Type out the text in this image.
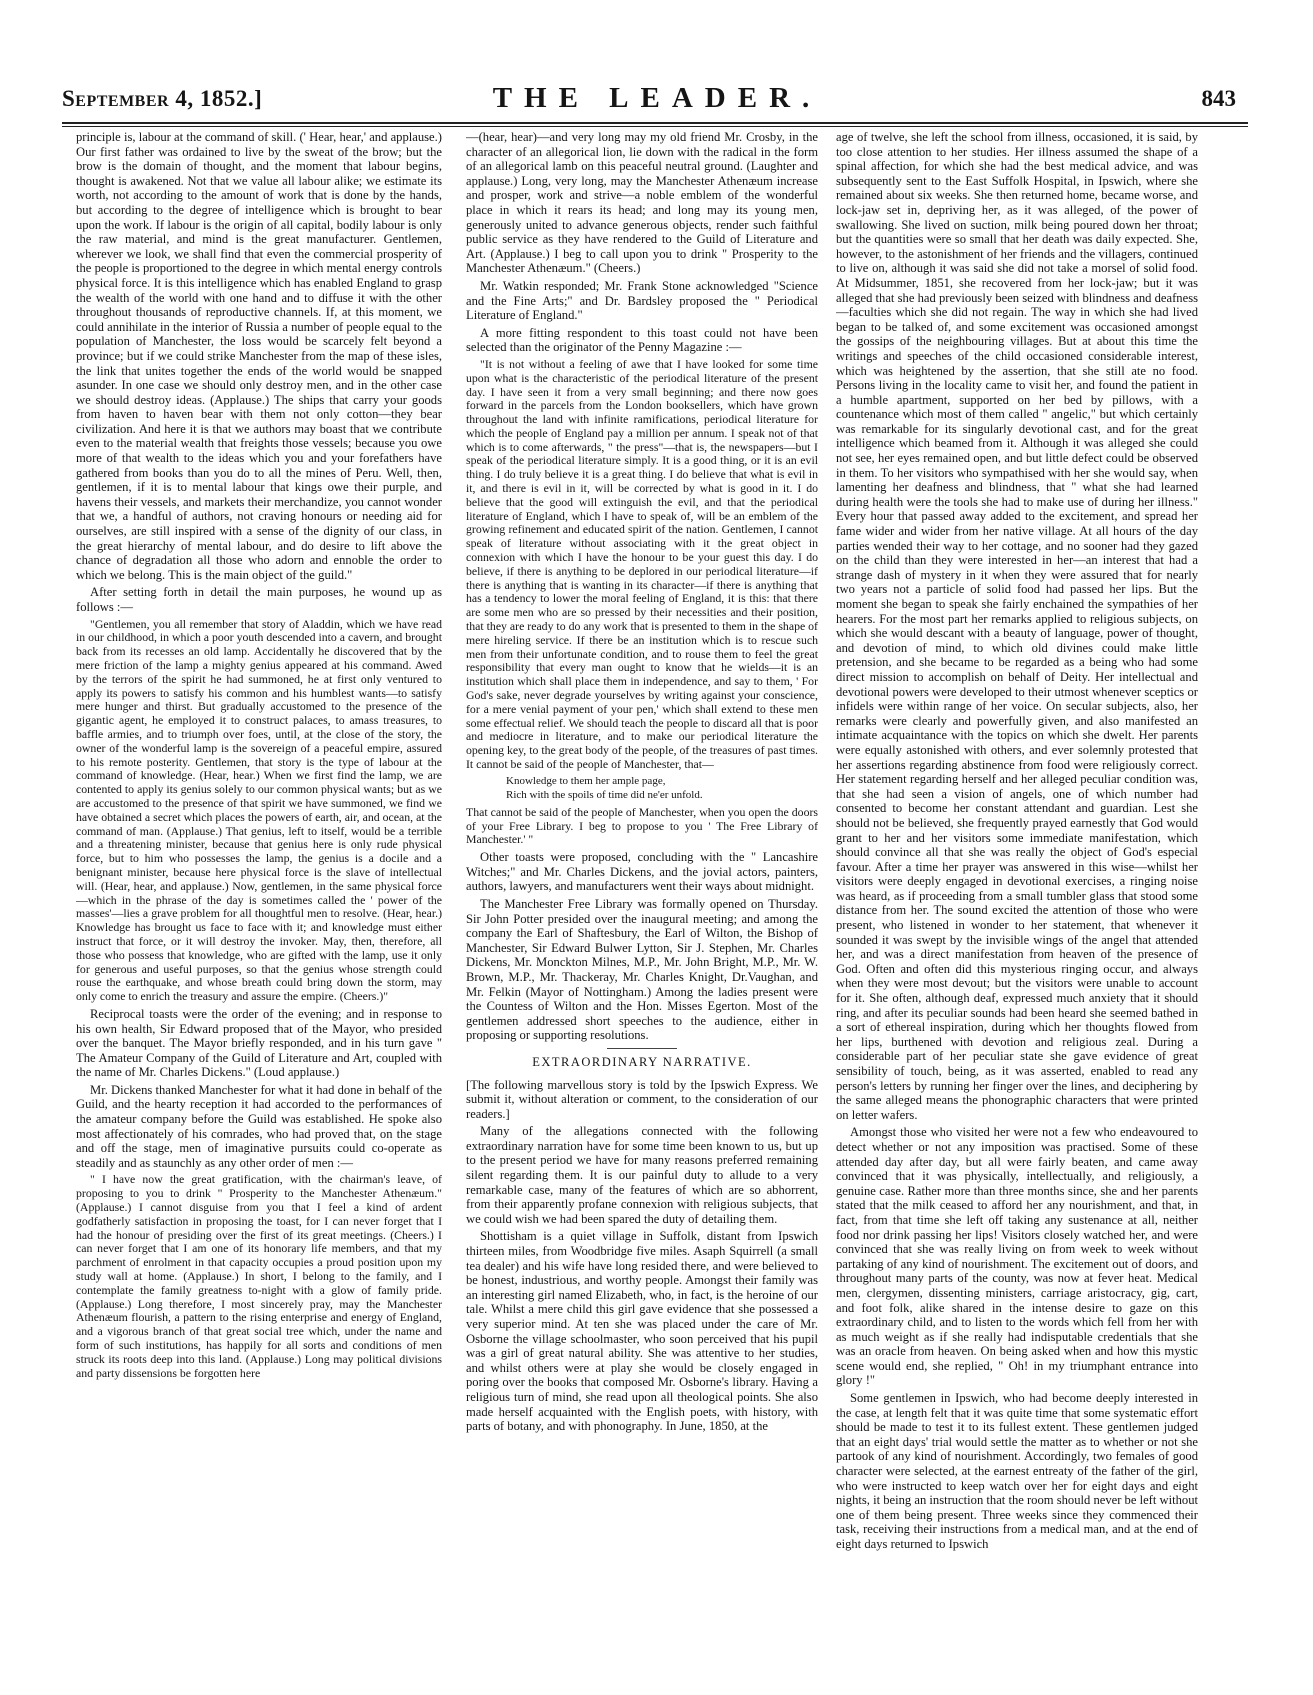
September 4, 1852.]	THE LEADER.	843

principle is, labour at the command of skill. (' Hear, hear,' and applause.) Our first father was ordained to live by the sweat of the brow; but the brow is the domain of thought, and the moment that labour begins, thought is awakened. Not that we value all labour alike; we estimate its worth, not according to the amount of work that is done by the hands, but according to the degree of intelligence which is brought to bear upon the work. If labour is the origin of all capital, bodily labour is only the raw material, and mind is the great manufacturer. Gentlemen, wherever we look, we shall find that even the commercial prosperity of the people is proportioned to the degree in which mental energy controls physical force. It is this intelligence which has enabled England to grasp the wealth of the world with one hand and to diffuse it with the other throughout thousands of reproductive channels. If, at this moment, we could annihilate in the interior of Russia a number of people equal to the population of Manchester, the loss would be scarcely felt beyond a province; but if we could strike Manchester from the map of these isles, the link that unites together the ends of the world would be snapped asunder. In one case we should only destroy men, and in the other case we should destroy ideas. (Applause.) The ships that carry your goods from haven to haven bear with them not only cotton—they bear civilization. And here it is that we authors may boast that we contribute even to the material wealth that freights those vessels; because you owe more of that wealth to the ideas which you and your forefathers have gathered from books than you do to all the mines of Peru. Well, then, gentlemen, if it is to mental labour that kings owe their purple, and havens their vessels, and markets their merchandize, you cannot wonder that we, a handful of authors, not craving honours or needing aid for ourselves, are still inspired with a sense of the dignity of our class, in the great hierarchy of mental labour, and do desire to lift above the chance of degradation all those who adorn and ennoble the order to which we belong. This is the main object of the guild."

After setting forth in detail the main purposes, he wound up as follows :—

"Gentlemen, you all remember that story of Aladdin, which we have read in our childhood, in which a poor youth descended into a cavern, and brought back from its recesses an old lamp. Accidentally he discovered that by the mere friction of the lamp a mighty genius appeared at his command. Awed by the terrors of the spirit he had summoned, he at first only ventured to apply its powers to satisfy his common and his humblest wants—to satisfy mere hunger and thirst. But gradually accustomed to the presence of the gigantic agent, he employed it to construct palaces, to amass treasures, to baffle armies, and to triumph over foes, until, at the close of the story, the owner of the wonderful lamp is the sovereign of a peaceful empire, assured to his remote posterity. Gentlemen, that story is the type of labour at the command of knowledge. (Hear, hear.) When we first find the lamp, we are contented to apply its genius solely to our common physical wants; but as we are accustomed to the presence of that spirit we have summoned, we find we have obtained a secret which places the powers of earth, air, and ocean, at the command of man. (Applause.) That genius, left to itself, would be a terrible and a threatening minister, because that genius here is only rude physical force, but to him who possesses the lamp, the genius is a docile and a benignant minister, because here physical force is the slave of intellectual will. (Hear, hear, and applause.) Now, gentlemen, in the same physical force—which in the phrase of the day is sometimes called the ' power of the masses'—lies a grave problem for all thoughtful men to resolve. (Hear, hear.) Knowledge has brought us face to face with it; and knowledge must either instruct that force, or it will destroy the invoker. May, then, therefore, all those who possess that knowledge, who are gifted with the lamp, use it only for generous and useful purposes, so that the genius whose strength could rouse the earthquake, and whose breath could bring down the storm, may only come to enrich the treasury and assure the empire. (Cheers.)"

Reciprocal toasts were the order of the evening; and in response to his own health, Sir Edward proposed that of the Mayor, who presided over the banquet. The Mayor briefly responded, and in his turn gave " The Amateur Company of the Guild of Literature and Art, coupled with the name of Mr. Charles Dickens." (Loud applause.)

Mr. Dickens thanked Manchester for what it had done in behalf of the Guild, and the hearty reception it had accorded to the performances of the amateur company before the Guild was established. He spoke also most affectionately of his comrades, who had proved that, on the stage and off the stage, men of imaginative pursuits could co-operate as steadily and as staunchly as any other order of men :—

" I have now the great gratification, with the chairman's leave, of proposing to you to drink " Prosperity to the Manchester Athenæum." (Applause.) I cannot disguise from you that I feel a kind of ardent godfatherly satisfaction in proposing the toast, for I can never forget that I had the honour of presiding over the first of its great meetings. (Cheers.) I can never forget that I am one of its honorary life members, and that my parchment of enrolment in that capacity occupies a proud position upon my study wall at home. (Applause.) In short, I belong to the family, and I contemplate the family greatness to-night with a glow of family pride. (Applause.) Long therefore, I most sincerely pray, may the Manchester Athenæum flourish, a pattern to the rising enterprise and energy of England, and a vigorous branch of that great social tree which, under the name and form of such institutions, has happily for all sorts and conditions of men struck its roots deep into this land. (Applause.) Long may political divisions and party dissensions be forgotten here

—(hear, hear)—and very long may my old friend Mr. Crosby, in the character of an allegorical lion, lie down with the radical in the form of an allegorical lamb on this peaceful neutral ground. (Laughter and applause.) Long, very long, may the Manchester Athenæum increase and prosper, work and strive—a noble emblem of the wonderful place in which it rears its head; and long may its young men, generously united to advance generous objects, render such faithful public service as they have rendered to the Guild of Literature and Art. (Applause.) I beg to call upon you to drink " Prosperity to the Manchester Athenæum." (Cheers.)

Mr. Watkin responded; Mr. Frank Stone acknowledged "Science and the Fine Arts;" and Dr. Bardsley proposed the " Periodical Literature of England."

A more fitting respondent to this toast could not have been selected than the originator of the Penny Magazine :—

"It is not without a feeling of awe that I have looked for some time upon what is the characteristic of the periodical literature of the present day. I have seen it from a very small beginning; and there now goes forward in the parcels from the London booksellers, which have grown throughout the land with infinite ramifications, periodical literature for which the people of England pay a million per annum. I speak not of that which is to come afterwards, " the press"—that is, the newspapers—but I speak of the periodical literature simply. It is a good thing, or it is an evil thing. I do truly believe it is a great thing. I do believe that what is evil in it, and there is evil in it, will be corrected by what is good in it. I do believe that the good will extinguish the evil, and that the periodical literature of England, which I have to speak of, will be an emblem of the growing refinement and educated spirit of the nation. Gentlemen, I cannot speak of literature without associating with it the great object in connexion with which I have the honour to be your guest this day. I do believe, if there is anything to be deplored in our periodical literature—if there is anything that is wanting in its character—if there is anything that has a tendency to lower the moral feeling of England, it is this: that there are some men who are so pressed by their necessities and their position, that they are ready to do any work that is presented to them in the shape of mere hireling service. If there be an institution which is to rescue such men from their unfortunate condition, and to rouse them to feel the great responsibility that every man ought to know that he wields—it is an institution which shall place them in independence, and say to them, ' For God's sake, never degrade yourselves by writing against your conscience, for a mere venial payment of your pen,' which shall extend to these men some effectual relief. We should teach the people to discard all that is poor and mediocre in literature, and to make our periodical literature the opening key, to the great body of the people, of the treasures of past times. It cannot be said of the people of Manchester, that—

Knowledge to them her ample page,
Rich with the spoils of time did ne'er unfold.

That cannot be said of the people of Manchester, when you open the doors of your Free Library. I beg to propose to you ' The Free Library of Manchester.' "

Other toasts were proposed, concluding with the " Lancashire Witches;" and Mr. Charles Dickens, and the jovial actors, painters, authors, lawyers, and manufacturers went their ways about midnight.

The Manchester Free Library was formally opened on Thursday. Sir John Potter presided over the inaugural meeting; and among the company the Earl of Shaftesbury, the Earl of Wilton, the Bishop of Manchester, Sir Edward Bulwer Lytton, Sir J. Stephen, Mr. Charles Dickens, Mr. Monckton Milnes, M.P., Mr. John Bright, M.P., Mr. W. Brown, M.P., Mr. Thackeray, Mr. Charles Knight, Dr.Vaughan, and Mr. Felkin (Mayor of Nottingham.) Among the ladies present were the Countess of Wilton and the Hon. Misses Egerton. Most of the gentlemen addressed short speeches to the audience, either in proposing or supporting resolutions.

EXTRAORDINARY NARRATIVE.

[The following marvellous story is told by the Ipswich Express. We submit it, without alteration or comment, to the consideration of our readers.]

Many of the allegations connected with the following extraordinary narration have for some time been known to us, but up to the present period we have for many reasons preferred remaining silent regarding them. It is our painful duty to allude to a very remarkable case, many of the features of which are so abhorrent, from their apparently profane connexion with religious subjects, that we could wish we had been spared the duty of detailing them.

Shottisham is a quiet village in Suffolk, distant from Ipswich thirteen miles, from Woodbridge five miles. Asaph Squirrell (a small tea dealer) and his wife have long resided there, and were believed to be honest, industrious, and worthy people. Amongst their family was an interesting girl named Elizabeth, who, in fact, is the heroine of our tale. Whilst a mere child this girl gave evidence that she possessed a very superior mind. At ten she was placed under the care of Mr. Osborne the village schoolmaster, who soon perceived that his pupil was a girl of great natural ability. She was attentive to her studies, and whilst others were at play she would be closely engaged in poring over the books that composed Mr. Osborne's library. Having a religious turn of mind, she read upon all theological points. She also made herself acquainted with the English poets, with history, with parts of botany, and with phonography. In June, 1850, at the

age of twelve, she left the school from illness, occasioned, it is said, by too close attention to her studies. Her illness assumed the shape of a spinal affection, for which she had the best medical advice, and was subsequently sent to the East Suffolk Hospital, in Ipswich, where she remained about six weeks. She then returned home, became worse, and lock-jaw set in, depriving her, as it was alleged, of the power of swallowing. She lived on suction, milk being poured down her throat; but the quantities were so small that her death was daily expected. She, however, to the astonishment of her friends and the villagers, continued to live on, although it was said she did not take a morsel of solid food. At Midsummer, 1851, she recovered from her lock-jaw; but it was alleged that she had previously been seized with blindness and deafness—faculties which she did not regain. The way in which she had lived began to be talked of, and some excitement was occasioned amongst the gossips of the neighbouring villages. But at about this time the writings and speeches of the child occasioned considerable interest, which was heightened by the assertion, that she still ate no food. Persons living in the locality came to visit her, and found the patient in a humble apartment, supported on her bed by pillows, with a countenance which most of them called " angelic," but which certainly was remarkable for its singularly devotional cast, and for the great intelligence which beamed from it. Although it was alleged she could not see, her eyes remained open, and but little defect could be observed in them. To her visitors who sympathised with her she would say, when lamenting her deafness and blindness, that " what she had learned during health were the tools she had to make use of during her illness." Every hour that passed away added to the excitement, and spread her fame wider and wider from her native village. At all hours of the day parties wended their way to her cottage, and no sooner had they gazed on the child than they were interested in her—an interest that had a strange dash of mystery in it when they were assured that for nearly two years not a particle of solid food had passed her lips. But the moment she began to speak she fairly enchained the sympathies of her hearers. For the most part her remarks applied to religious subjects, on which she would descant with a beauty of language, power of thought, and devotion of mind, to which old divines could make little pretension, and she became to be regarded as a being who had some direct mission to accomplish on behalf of Deity. Her intellectual and devotional powers were developed to their utmost whenever sceptics or infidels were within range of her voice. On secular subjects, also, her remarks were clearly and powerfully given, and also manifested an intimate acquaintance with the topics on which she dwelt. Her parents were equally astonished with others, and ever solemnly protested that her assertions regarding abstinence from food were religiously correct. Her statement regarding herself and her alleged peculiar condition was, that she had seen a vision of angels, one of which number had consented to become her constant attendant and guardian. Lest she should not be believed, she frequently prayed earnestly that God would grant to her and her visitors some immediate manifestation, which should convince all that she was really the object of God's especial favour. After a time her prayer was answered in this wise—whilst her visitors were deeply engaged in devotional exercises, a ringing noise was heard, as if proceeding from a small tumbler glass that stood some distance from her. The sound excited the attention of those who were present, who listened in wonder to her statement, that whenever it sounded it was swept by the invisible wings of the angel that attended her, and was a direct manifestation from heaven of the presence of God. Often and often did this mysterious ringing occur, and always when they were most devout; but the visitors were unable to account for it. She often, although deaf, expressed much anxiety that it should ring, and after its peculiar sounds had been heard she seemed bathed in a sort of ethereal inspiration, during which her thoughts flowed from her lips, burthened with devotion and religious zeal. During a considerable part of her peculiar state she gave evidence of great sensibility of touch, being, as it was asserted, enabled to read any person's letters by running her finger over the lines, and deciphering by the same alleged means the phonographic characters that were printed on letter wafers.

Amongst those who visited her were not a few who endeavoured to detect whether or not any imposition was practised. Some of these attended day after day, but all were fairly beaten, and came away convinced that it was physically, intellectually, and religiously, a genuine case. Rather more than three months since, she and her parents stated that the milk ceased to afford her any nourishment, and that, in fact, from that time she left off taking any sustenance at all, neither food nor drink passing her lips! Visitors closely watched her, and were convinced that she was really living on from week to week without partaking of any kind of nourishment. The excitement out of doors, and throughout many parts of the county, was now at fever heat. Medical men, clergymen, dissenting ministers, carriage aristocracy, gig, cart, and foot folk, alike shared in the intense desire to gaze on this extraordinary child, and to listen to the words which fell from her with as much weight as if she really had indisputable credentials that she was an oracle from heaven. On being asked when and how this mystic scene would end, she replied, " Oh! in my triumphant entrance into glory !"

Some gentlemen in Ipswich, who had become deeply interested in the case, at length felt that it was quite time that some systematic effort should be made to test it to its fullest extent. These gentlemen judged that an eight days' trial would settle the matter as to whether or not she partook of any kind of nourishment. Accordingly, two females of good character were selected, at the earnest entreaty of the father of the girl, who were instructed to keep watch over her for eight days and eight nights, it being an instruction that the room should never be left without one of them being present. Three weeks since they commenced their task, receiving their instructions from a medical man, and at the end of eight days returned to Ipswich
